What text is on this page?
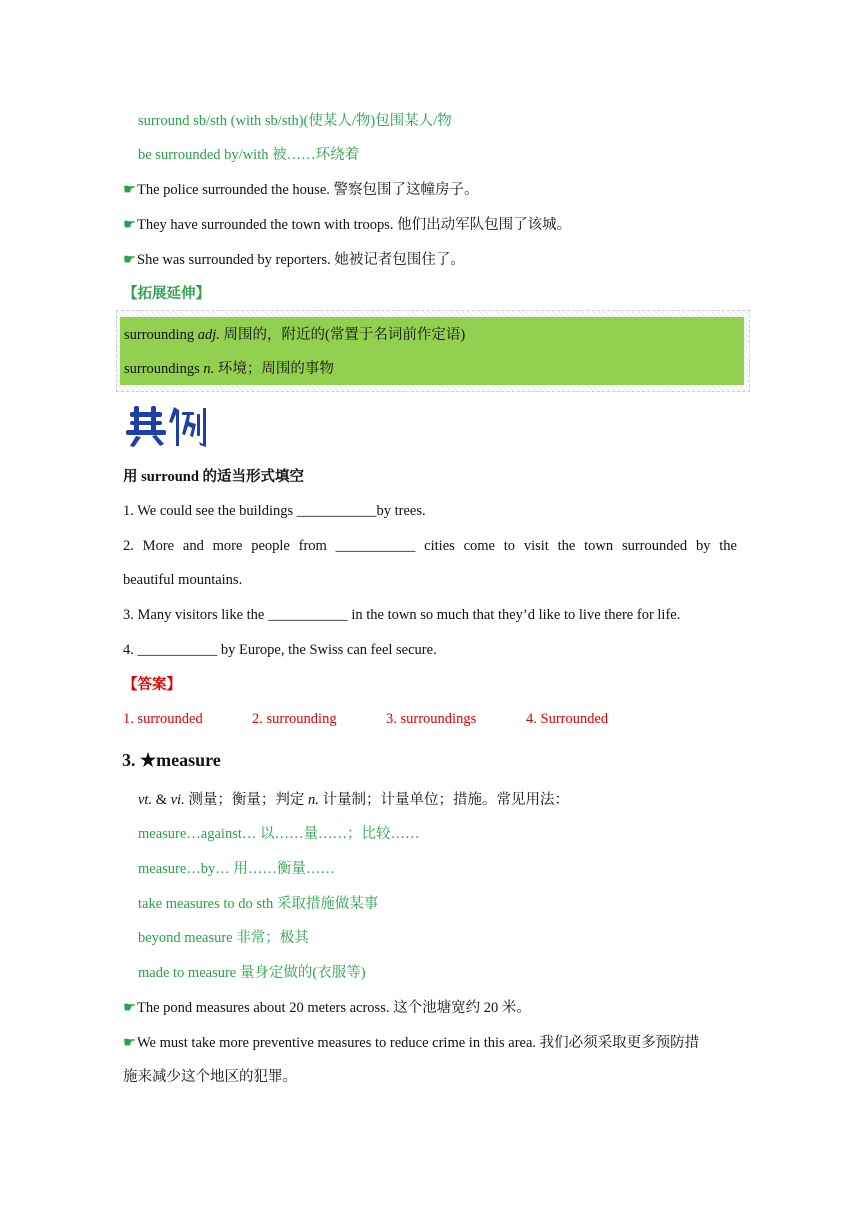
surround sb/sth (with sb/sth)(使某人/物)包围某人/物
be surrounded by/with 被……环绕着
☛The police surrounded the house. 警察包围了这幢房子。
☛They have surrounded the town with troops. 他们出动军队包围了该城。
☛She was surrounded by reporters. 她被记者包围住了。
【拓展延伸】
surrounding adj. 周围的，附近的(常置于名词前作定语)
surroundings n. 环境；周围的事物
用 surround 的适当形式填空
1. We could see the buildings ___________by trees.
2. More and more people from ___________ cities come to visit the town surrounded by the
beautiful mountains.
3. Many visitors like the ___________ in the town so much that they’d like to live there for life.
4. ___________ by Europe, the Swiss can feel secure.
【答案】
1. surrounded	2. surrounding	3. surroundings	4. Surrounded
3. ★measure
vt. & vi. 测量；衡量；判定 n. 计量制；计量单位；措施。常见用法：
measure…against… 以……量……；比较……
measure…by… 用……衡量……
take measures to do sth 采取措施做某事
beyond measure 非常；极其
made to measure 量身定做的(衣服等)
☛The pond measures about 20 meters across. 这个池塘宽约 20 米。
☛We must take more preventive measures to reduce crime in this area. 我们必须采取更多预防措
施来减少这个地区的犯罪。
